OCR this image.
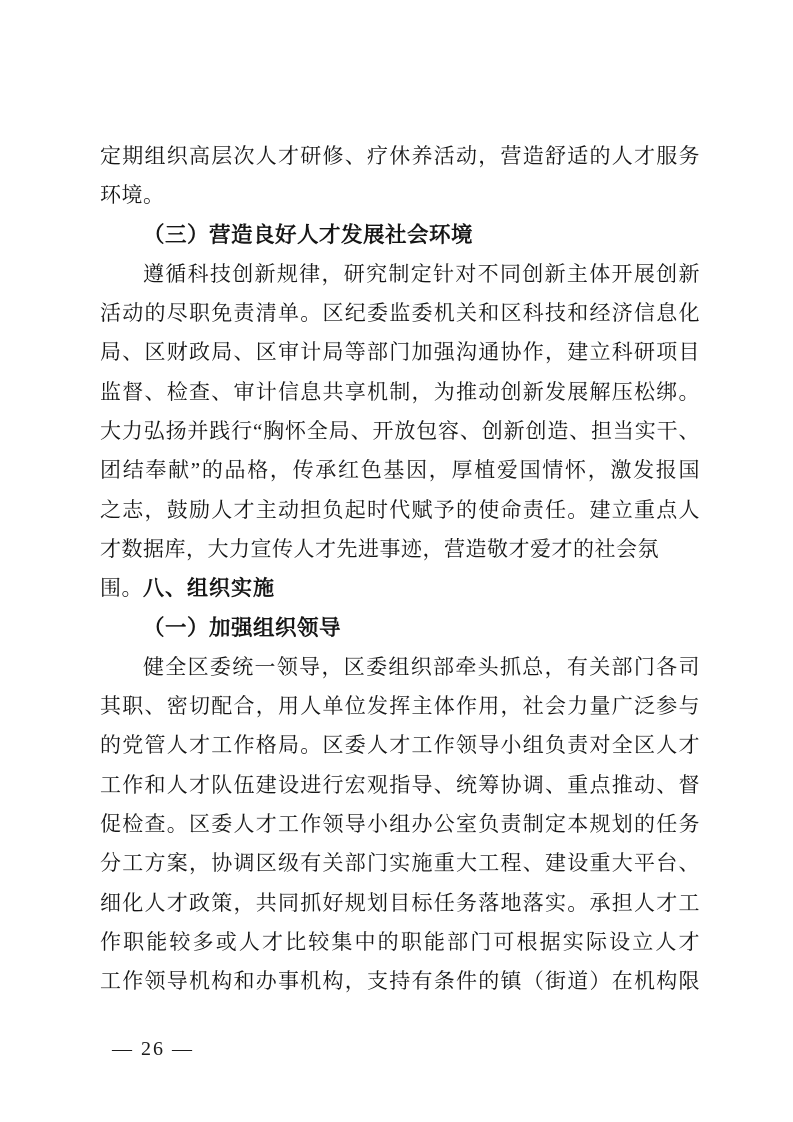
定期组织高层次人才研修、疗休养活动，营造舒适的人才服务
环境。
（三）营造良好人才发展社会环境
遵循科技创新规律，研究制定针对不同创新主体开展创新
活动的尽职免责清单。区纪委监委机关和区科技和经济信息化
局、区财政局、区审计局等部门加强沟通协作，建立科研项目
监督、检查、审计信息共享机制，为推动创新发展解压松绑。
大力弘扬并践行“胸怀全局、开放包容、创新创造、担当实干、
团结奉献”的品格，传承红色基因，厚植爱国情怀，激发报国
之志，鼓励人才主动担负起时代赋予的使命责任。建立重点人
才数据库，大力宣传人才先进事迹，营造敬才爱才的社会氛围。 八、组织实施
（一）加强组织领导
健全区委统一领导，区委组织部牵头抓总，有关部门各司
其职、密切配合，用人单位发挥主体作用，社会力量广泛参与
的党管人才工作格局。区委人才工作领导小组负责对全区人才
工作和人才队伍建设进行宏观指导、统筹协调、重点推动、督
促检查。区委人才工作领导小组办公室负责制定本规划的任务
分工方案，协调区级有关部门实施重大工程、建设重大平台、
细化人才政策，共同抓好规划目标任务落地落实。承担人才工
作职能较多或人才比较集中的职能部门可根据实际设立人才
工作领导机构和办事机构，支持有条件的镇（街道）在机构限
— 26 —
